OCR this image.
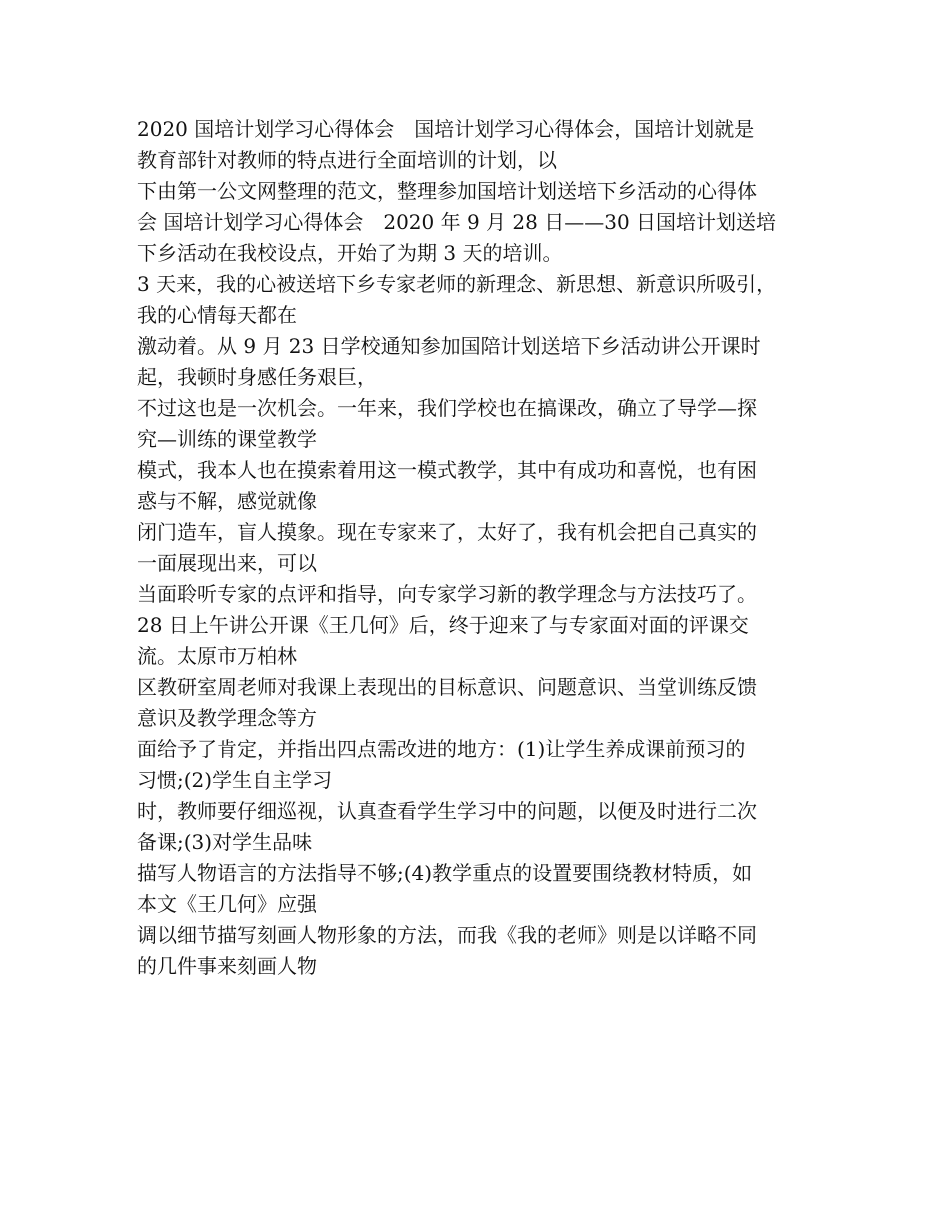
2020 国培计划学习心得体会　国培计划学习心得体会，国培计划就是
教育部针对教师的特点进行全面培训的计划，以
下由第一公文网整理的范文，整理参加国培计划送培下乡活动的心得体
会 国培计划学习心得体会　2020 年 9 月 28 日——30 日国培计划送培
下乡活动在我校设点，开始了为期 3 天的培训。
3 天来，我的心被送培下乡专家老师的新理念、新思想、新意识所吸引，
我的心情每天都在
激动着。从 9 月 23 日学校通知参加国陪计划送培下乡活动讲公开课时
起，我顿时身感任务艰巨，
不过这也是一次机会。一年来，我们学校也在搞课改，确立了导学—探
究—训练的课堂教学
模式，我本人也在摸索着用这一模式教学，其中有成功和喜悦，也有困
惑与不解，感觉就像
闭门造车，盲人摸象。现在专家来了，太好了，我有机会把自己真实的
一面展现出来，可以
当面聆听专家的点评和指导，向专家学习新的教学理念与方法技巧了。
28 日上午讲公开课《王几何》后，终于迎来了与专家面对面的评课交
流。太原市万柏林
区教研室周老师对我课上表现出的目标意识、问题意识、当堂训练反馈
意识及教学理念等方
面给予了肯定，并指出四点需改进的地方：(1)让学生养成课前预习的
习惯;(2)学生自主学习
时，教师要仔细巡视，认真查看学生学习中的问题，以便及时进行二次
备课;(3)对学生品味
描写人物语言的方法指导不够;(4)教学重点的设置要围绕教材特质，如
本文《王几何》应强
调以细节描写刻画人物形象的方法，而我《我的老师》则是以详略不同
的几件事来刻画人物
